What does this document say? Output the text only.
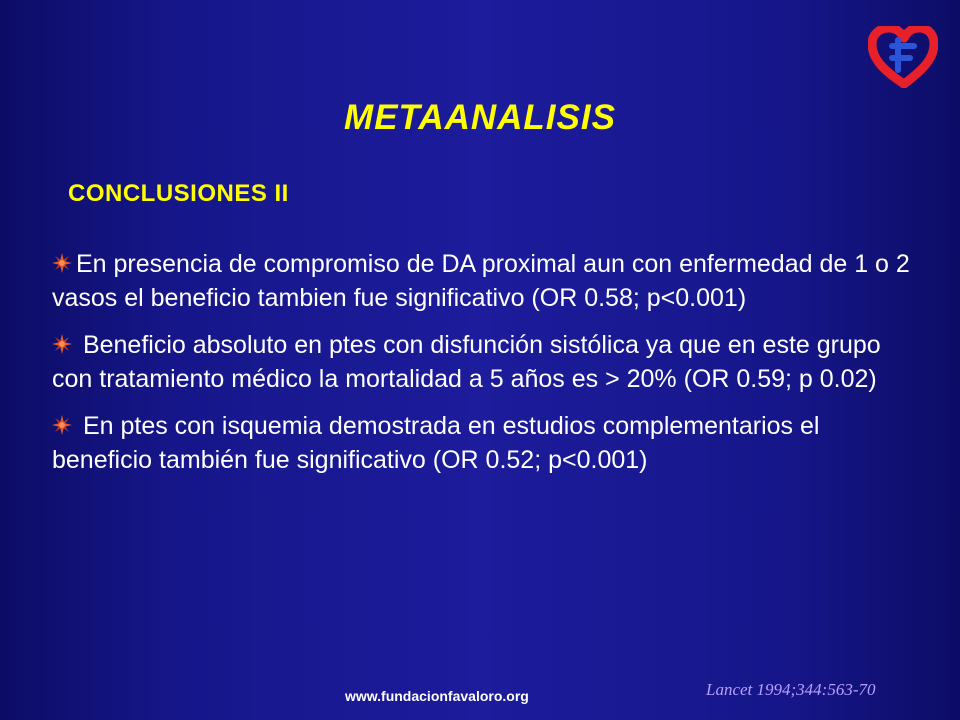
METAANALISIS
CONCLUSIONES II

En presencia de compromiso de DA proximal aun con enfermedad de 1 o 2 vasos el beneficio tambien fue significativo (OR 0.58; p<0.001)

Beneficio absoluto en ptes con disfunción sistólica ya que en este grupo con tratamiento médico la mortalidad a 5 años es > 20% (OR 0.59; p 0.02)

En ptes con isquemia demostrada en estudios complementarios el beneficio también fue significativo (OR 0.52; p<0.001)

www.fundacionfavaloro.org	Lancet 1994;344:563-70
